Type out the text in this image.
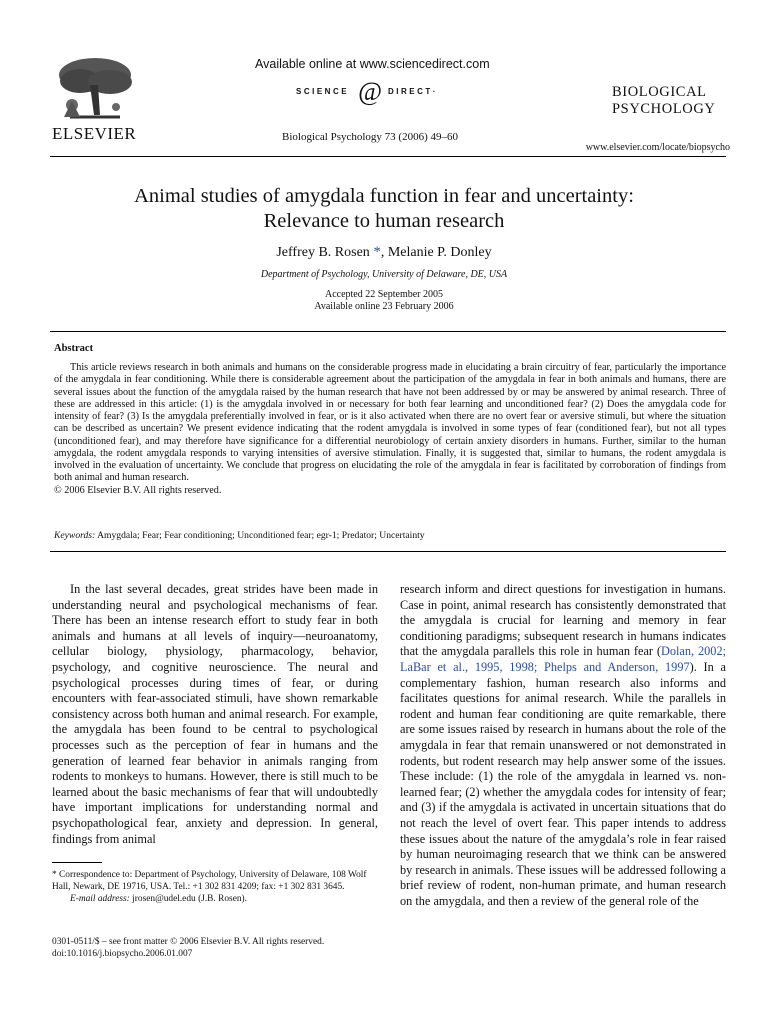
ELSEVIER
Available online at www.sciencedirect.com
SCIENCE @ DIRECT·
Biological Psychology 73 (2006) 49–60
BIOLOGICAL
PSYCHOLOGY
www.elsevier.com/locate/biopsycho
Animal studies of amygdala function in fear and uncertainty:
Relevance to human research
Jeffrey B. Rosen *, Melanie P. Donley
Department of Psychology, University of Delaware, DE, USA
Accepted 22 September 2005
Available online 23 February 2006
Abstract
This article reviews research in both animals and humans on the considerable progress made in elucidating a brain circuitry of fear, particularly the importance of the amygdala in fear conditioning. While there is considerable agreement about the participation of the amygdala in fear in both animals and humans, there are several issues about the function of the amygdala raised by the human research that have not been addressed by or may be answered by animal research. Three of these are addressed in this article: (1) is the amygdala involved in or necessary for both fear learning and unconditioned fear? (2) Does the amygdala code for intensity of fear? (3) Is the amygdala preferentially involved in fear, or is it also activated when there are no overt fear or aversive stimuli, but where the situation can be described as uncertain? We present evidence indicating that the rodent amygdala is involved in some types of fear (conditioned fear), but not all types (unconditioned fear), and may therefore have significance for a differential neurobiology of certain anxiety disorders in humans. Further, similar to the human amygdala, the rodent amygdala responds to varying intensities of aversive stimulation. Finally, it is suggested that, similar to humans, the rodent amygdala is involved in the evaluation of uncertainty. We conclude that progress on elucidating the role of the amygdala in fear is facilitated by corroboration of findings from both animal and human research.
© 2006 Elsevier B.V. All rights reserved.
Keywords: Amygdala; Fear; Fear conditioning; Unconditioned fear; egr-1; Predator; Uncertainty
In the last several decades, great strides have been made in understanding neural and psychological mechanisms of fear. There has been an intense research effort to study fear in both animals and humans at all levels of inquiry—neuroanatomy, cellular biology, physiology, pharmacology, behavior, psychology, and cognitive neuroscience. The neural and psychological processes during times of fear, or during encounters with fear-associated stimuli, have shown remarkable consistency across both human and animal research. For example, the amygdala has been found to be central to psychological processes such as the perception of fear in humans and the generation of learned fear behavior in animals ranging from rodents to monkeys to humans. However, there is still much to be learned about the basic mechanisms of fear that will undoubtedly have important implications for understanding normal and psychopathological fear, anxiety and depression. In general, findings from animal
research inform and direct questions for investigation in humans. Case in point, animal research has consistently demonstrated that the amygdala is crucial for learning and memory in fear conditioning paradigms; subsequent research in humans indicates that the amygdala parallels this role in human fear (Dolan, 2002; LaBar et al., 1995, 1998; Phelps and Anderson, 1997). In a complementary fashion, human research also informs and facilitates questions for animal research. While the parallels in rodent and human fear conditioning are quite remarkable, there are some issues raised by research in humans about the role of the amygdala in fear that remain unanswered or not demonstrated in rodents, but rodent research may help answer some of the issues. These include: (1) the role of the amygdala in learned vs. non-learned fear; (2) whether the amygdala codes for intensity of fear; and (3) if the amygdala is activated in uncertain situations that do not reach the level of overt fear. This paper intends to address these issues about the nature of the amygdala’s role in fear raised by human neuroimaging research that we think can be answered by research in animals. These issues will be addressed following a brief review of rodent, non-human primate, and human research on the amygdala, and then a review of the general role of the
* Correspondence to: Department of Psychology, University of Delaware, 108 Wolf Hall, Newark, DE 19716, USA. Tel.: +1 302 831 4209; fax: +1 302 831 3645.
E-mail address: jrosen@udel.edu (J.B. Rosen).
0301-0511/$ – see front matter © 2006 Elsevier B.V. All rights reserved.
doi:10.1016/j.biopsycho.2006.01.007
